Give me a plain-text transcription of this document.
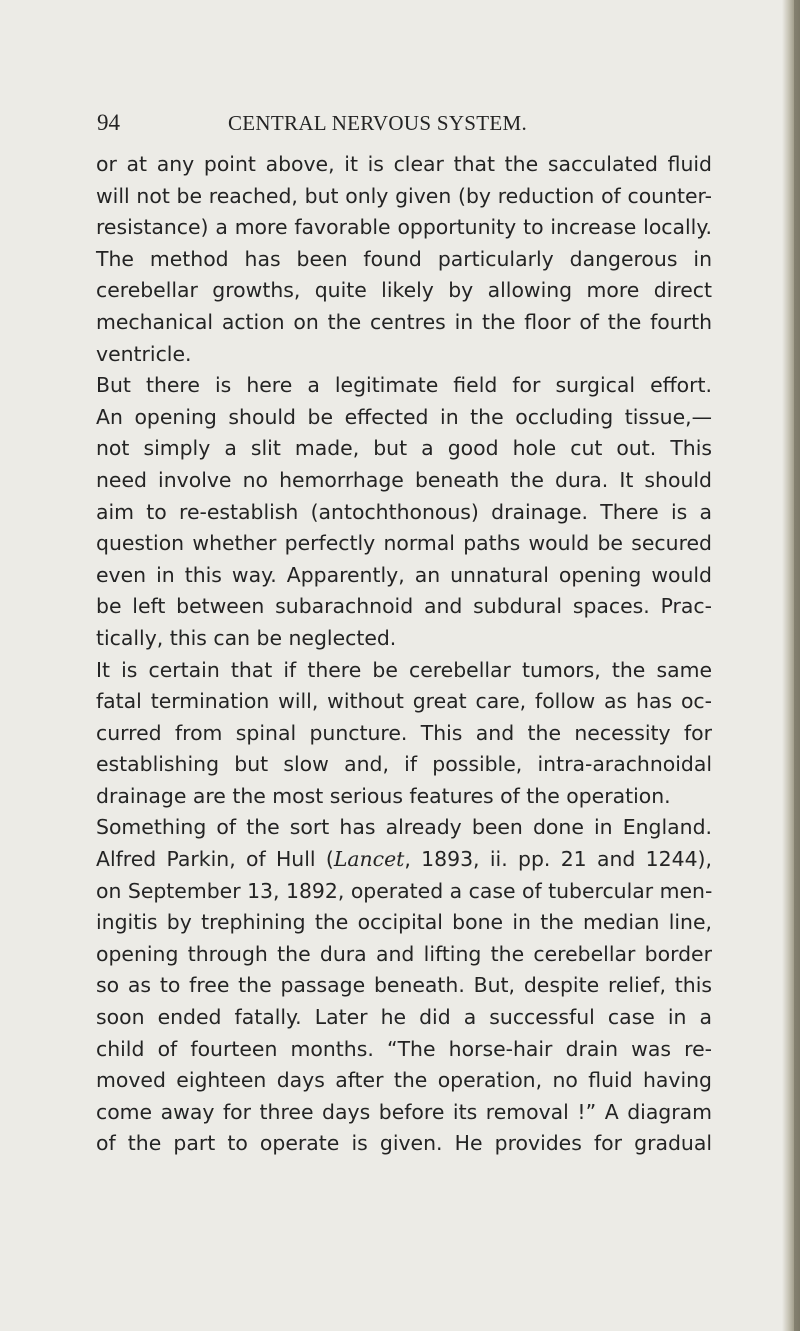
94	CENTRAL NERVOUS SYSTEM.
or at any point above, it is clear that the sacculated fluid
will not be reached, but only given (by reduction of counter-
resistance) a more favorable opportunity to increase locally.
The method has been found particularly dangerous in
cerebellar growths, quite likely by allowing more direct
mechanical action on the centres in the floor of the fourth
ventricle.
But there is here a legitimate field for surgical effort.
An opening should be effected in the occluding tissue,—
not simply a slit made, but a good hole cut out. This
need involve no hemorrhage beneath the dura. It should
aim to re-establish (antochthonous) drainage. There is a
question whether perfectly normal paths would be secured
even in this way. Apparently, an unnatural opening would
be left between subarachnoid and subdural spaces. Prac-
tically, this can be neglected.
It is certain that if there be cerebellar tumors, the same
fatal termination will, without great care, follow as has oc-
curred from spinal puncture. This and the necessity for
establishing but slow and, if possible, intra-arachnoidal
drainage are the most serious features of the operation.
Something of the sort has already been done in England.
Alfred Parkin, of Hull (Lancet, 1893, ii. pp. 21 and 1244),
on September 13, 1892, operated a case of tubercular men-
ingitis by trephining the occipital bone in the median line,
opening through the dura and lifting the cerebellar border
so as to free the passage beneath. But, despite relief, this
soon ended fatally. Later he did a successful case in a
child of fourteen months. “The horse-hair drain was re-
moved eighteen days after the operation, no fluid having
come away for three days before its removal !” A diagram
of the part to operate is given. He provides for gradual
